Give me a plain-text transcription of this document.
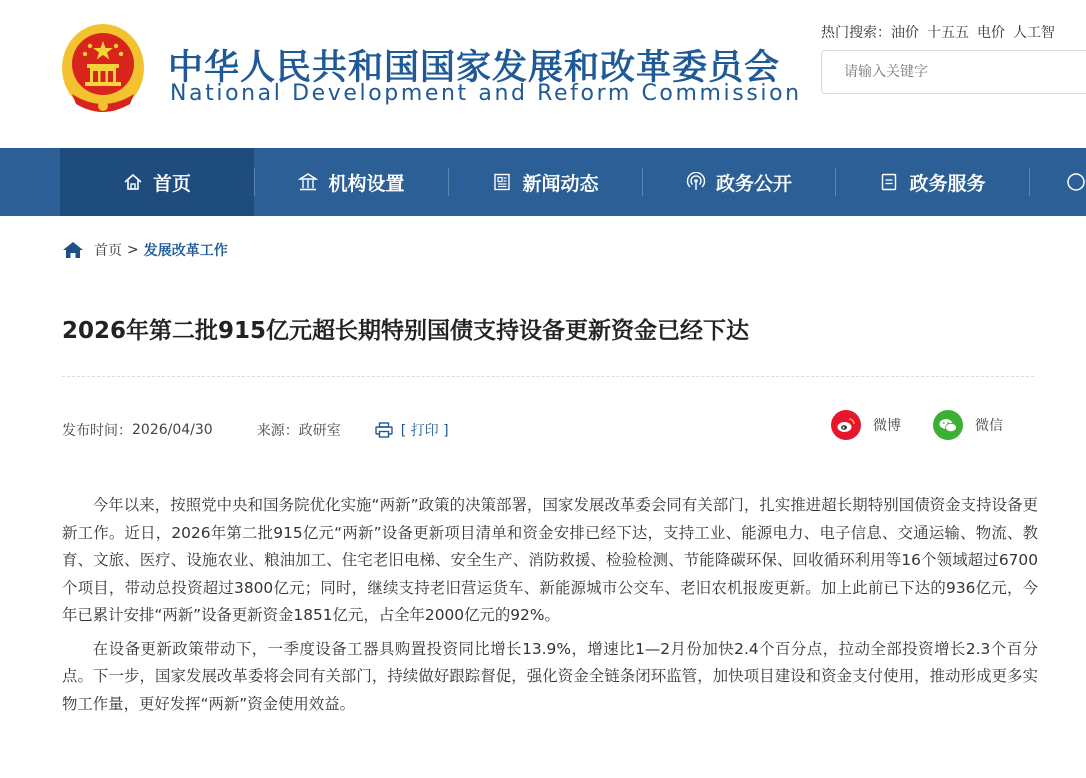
中华人民共和国国家发展和改革委员会
National Development and Reform Commission
热门搜索：油价 十五五 电价 人工智
请输入关键字
首页	机构设置	新闻动态	政务公开	政务服务
首页 > 发展改革工作
2026年第二批915亿元超长期特别国债支持设备更新资金已经下达
发布时间： 2026/04/30	来源： 政研室	[ 打印 ]	微博	微信

今年以来，按照党中央和国务院优化实施“两新”政策的决策部署，国家发展改革委会同有关部门，扎实推进超长期特别国债资金支持设备更新工作。近日，2026年第二批915亿元“两新”设备更新项目清单和资金安排已经下达，支持工业、能源电力、电子信息、交通运输、物流、教育、文旅、医疗、设施农业、粮油加工、住宅老旧电梯、安全生产、消防救援、检验检测、节能降碳环保、回收循环利用等16个领域超过6700个项目，带动总投资超过3800亿元；同时，继续支持老旧营运货车、新能源城市公交车、老旧农机报废更新。加上此前已下达的936亿元，今年已累计安排“两新”设备更新资金1851亿元，占全年2000亿元的92%。

在设备更新政策带动下，一季度设备工器具购置投资同比增长13.9%，增速比1—2月份加快2.4个百分点，拉动全部投资增长2.3个百分点。下一步，国家发展改革委将会同有关部门，持续做好跟踪督促，强化资金全链条闭环监管，加快项目建设和资金支付使用，推动形成更多实物工作量，更好发挥“两新”资金使用效益。
